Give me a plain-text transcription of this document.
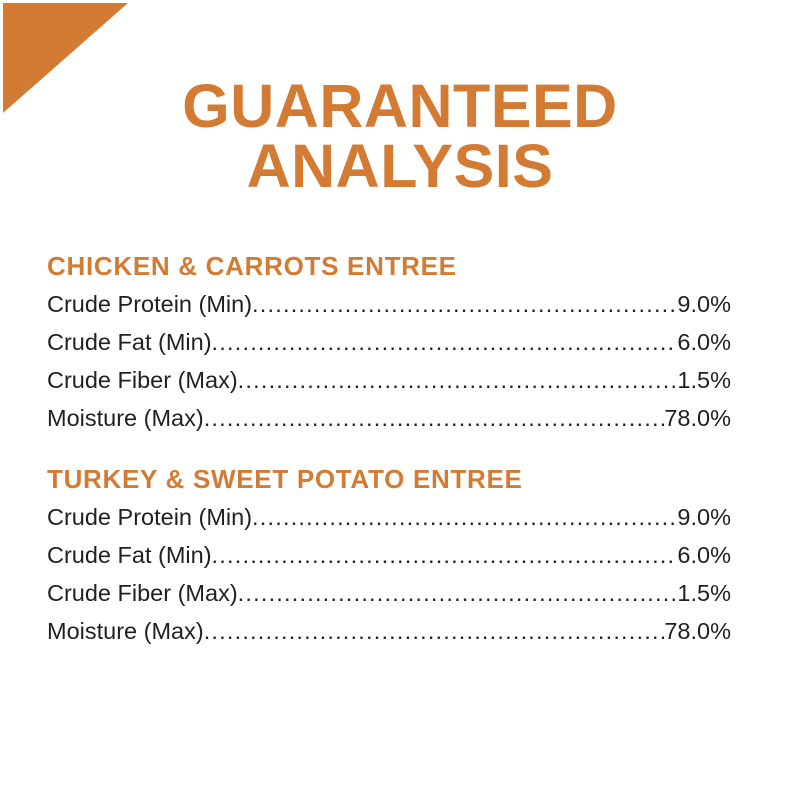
GUARANTEED
ANALYSIS
CHICKEN & CARROTS ENTREE
Crude Protein (Min) .....	9.0%
Crude Fat (Min) .....	6.0%
Crude Fiber (Max) .....	1.5%
Moisture (Max) .....	78.0%
TURKEY & SWEET POTATO ENTREE
Crude Protein (Min) .....	9.0%
Crude Fat (Min) .....	6.0%
Crude Fiber (Max) .....	1.5%
Moisture (Max) .....	78.0%
